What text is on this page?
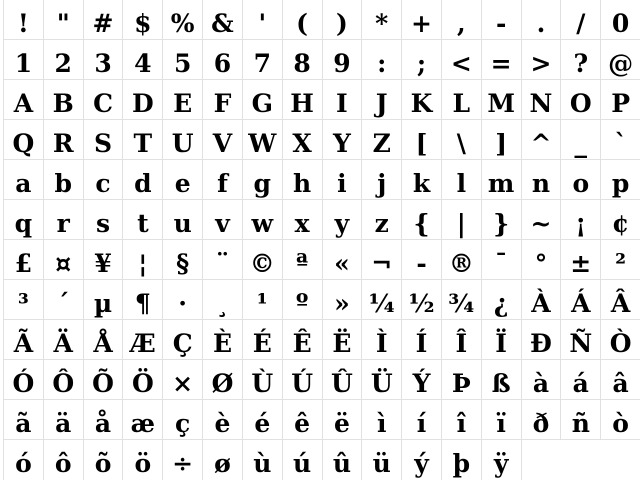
!	" # $ % & '	(	)	* + ,	-	.	/	0
1 2 3 4 5 6 7 8 9	:	; < = > ? @
A B C D E F G H I	J K L M N O P
Q R S T U V W X Y Z [	\	] ^ _	`
a b c d e	f	g h	i	j	k	l m n o p
q r	s	t u v w x	y	z {	|	} ~ ¡	¢
£ ¤ ¥	¦	§	¨ © ª	« ¬ - ® ¯	° ± ²
³	´ µ ¶	·	¸	¹	º	» ¼ ½ ¾ ¿ À Á Â
Ã Ä Å Æ Ç È É Ê Ë Ì	Í	Î	Ï Ð Ñ Ò
Ó Ô Õ Ö × Ø Ù Ú Û Ü Ý Þ ß à á â
ã ä å æ ç è é ê ë	ì	í	î	ï	ð ñ ò
ó ô õ ö ÷ ø ù ú û ü ý þ ÿ
